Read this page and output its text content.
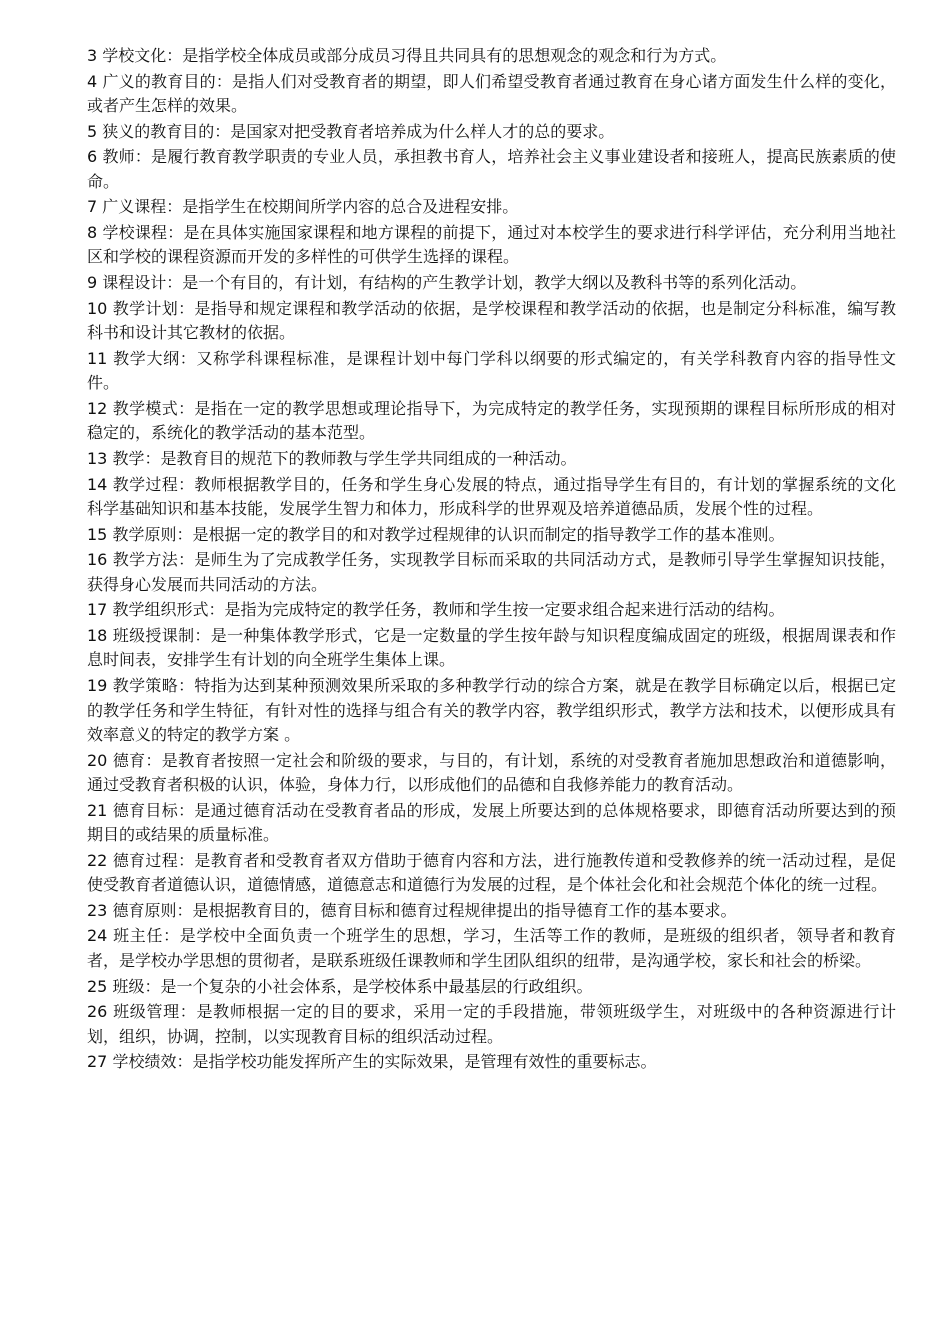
3 学校文化：是指学校全体成员或部分成员习得且共同具有的思想观念的观念和行为方式。

4 广义的教育目的：是指人们对受教育者的期望，即人们希望受教育者通过教育在身心诸方面发生什么样的变化，或者产生怎样的效果。

5 狭义的教育目的：是国家对把受教育者培养成为什么样人才的总的要求。

6 教师：是履行教育教学职责的专业人员，承担教书育人，培养社会主义事业建设者和接班人，提高民族素质的使命。

7 广义课程：是指学生在校期间所学内容的总合及进程安排。

8 学校课程：是在具体实施国家课程和地方课程的前提下，通过对本校学生的要求进行科学评估，充分利用当地社区和学校的课程资源而开发的多样性的可供学生选择的课程。

9 课程设计：是一个有目的，有计划，有结构的产生教学计划，教学大纲以及教科书等的系列化活动。

10 教学计划：是指导和规定课程和教学活动的依据，是学校课程和教学活动的依据，也是制定分科标准，编写教科书和设计其它教材的依据。

11 教学大纲：又称学科课程标准，是课程计划中每门学科以纲要的形式编定的，有关学科教育内容的指导性文件。

12 教学模式：是指在一定的教学思想或理论指导下，为完成特定的教学任务，实现预期的课程目标所形成的相对稳定的，系统化的教学活动的基本范型。

13 教学：是教育目的规范下的教师教与学生学共同组成的一种活动。

14 教学过程：教师根据教学目的，任务和学生身心发展的特点，通过指导学生有目的，有计划的掌握系统的文化科学基础知识和基本技能，发展学生智力和体力，形成科学的世界观及培养道德品质，发展个性的过程。

15 教学原则：是根据一定的教学目的和对教学过程规律的认识而制定的指导教学工作的基本准则。

16 教学方法：是师生为了完成教学任务，实现教学目标而采取的共同活动方式，是教师引导学生掌握知识技能，获得身心发展而共同活动的方法。

17 教学组织形式：是指为完成特定的教学任务，教师和学生按一定要求组合起来进行活动的结构。

18 班级授课制：是一种集体教学形式，它是一定数量的学生按年龄与知识程度编成固定的班级，根据周课表和作息时间表，安排学生有计划的向全班学生集体上课。

19 教学策略：特指为达到某种预测效果所采取的多种教学行动的综合方案，就是在教学目标确定以后，根据已定的教学任务和学生特征，有针对性的选择与组合有关的教学内容，教学组织形式，教学方法和技术，以便形成具有效率意义的特定的教学方案 。

20 德育：是教育者按照一定社会和阶级的要求，与目的，有计划，系统的对受教育者施加思想政治和道德影响，通过受教育者积极的认识，体验，身体力行，以形成他们的品德和自我修养能力的教育活动。

21 德育目标：是通过德育活动在受教育者品的形成，发展上所要达到的总体规格要求，即德育活动所要达到的预期目的或结果的质量标准。

22 德育过程：是教育者和受教育者双方借助于德育内容和方法，进行施教传道和受教修养的统一活动过程，是促使受教育者道德认识，道德情感，道德意志和道德行为发展的过程，是个体社会化和社会规范个体化的统一过程。

23 德育原则：是根据教育目的，德育目标和德育过程规律提出的指导德育工作的基本要求。

24 班主任：是学校中全面负责一个班学生的思想，学习，生活等工作的教师，是班级的组织者，领导者和教育者，是学校办学思想的贯彻者，是联系班级任课教师和学生团队组织的纽带，是沟通学校，家长和社会的桥梁。

25 班级：是一个复杂的小社会体系，是学校体系中最基层的行政组织。

26 班级管理：是教师根据一定的目的要求，采用一定的手段措施，带领班级学生，对班级中的各种资源进行计划，组织，协调，控制，以实现教育目标的组织活动过程。

27 学校绩效：是指学校功能发挥所产生的实际效果，是管理有效性的重要标志。
